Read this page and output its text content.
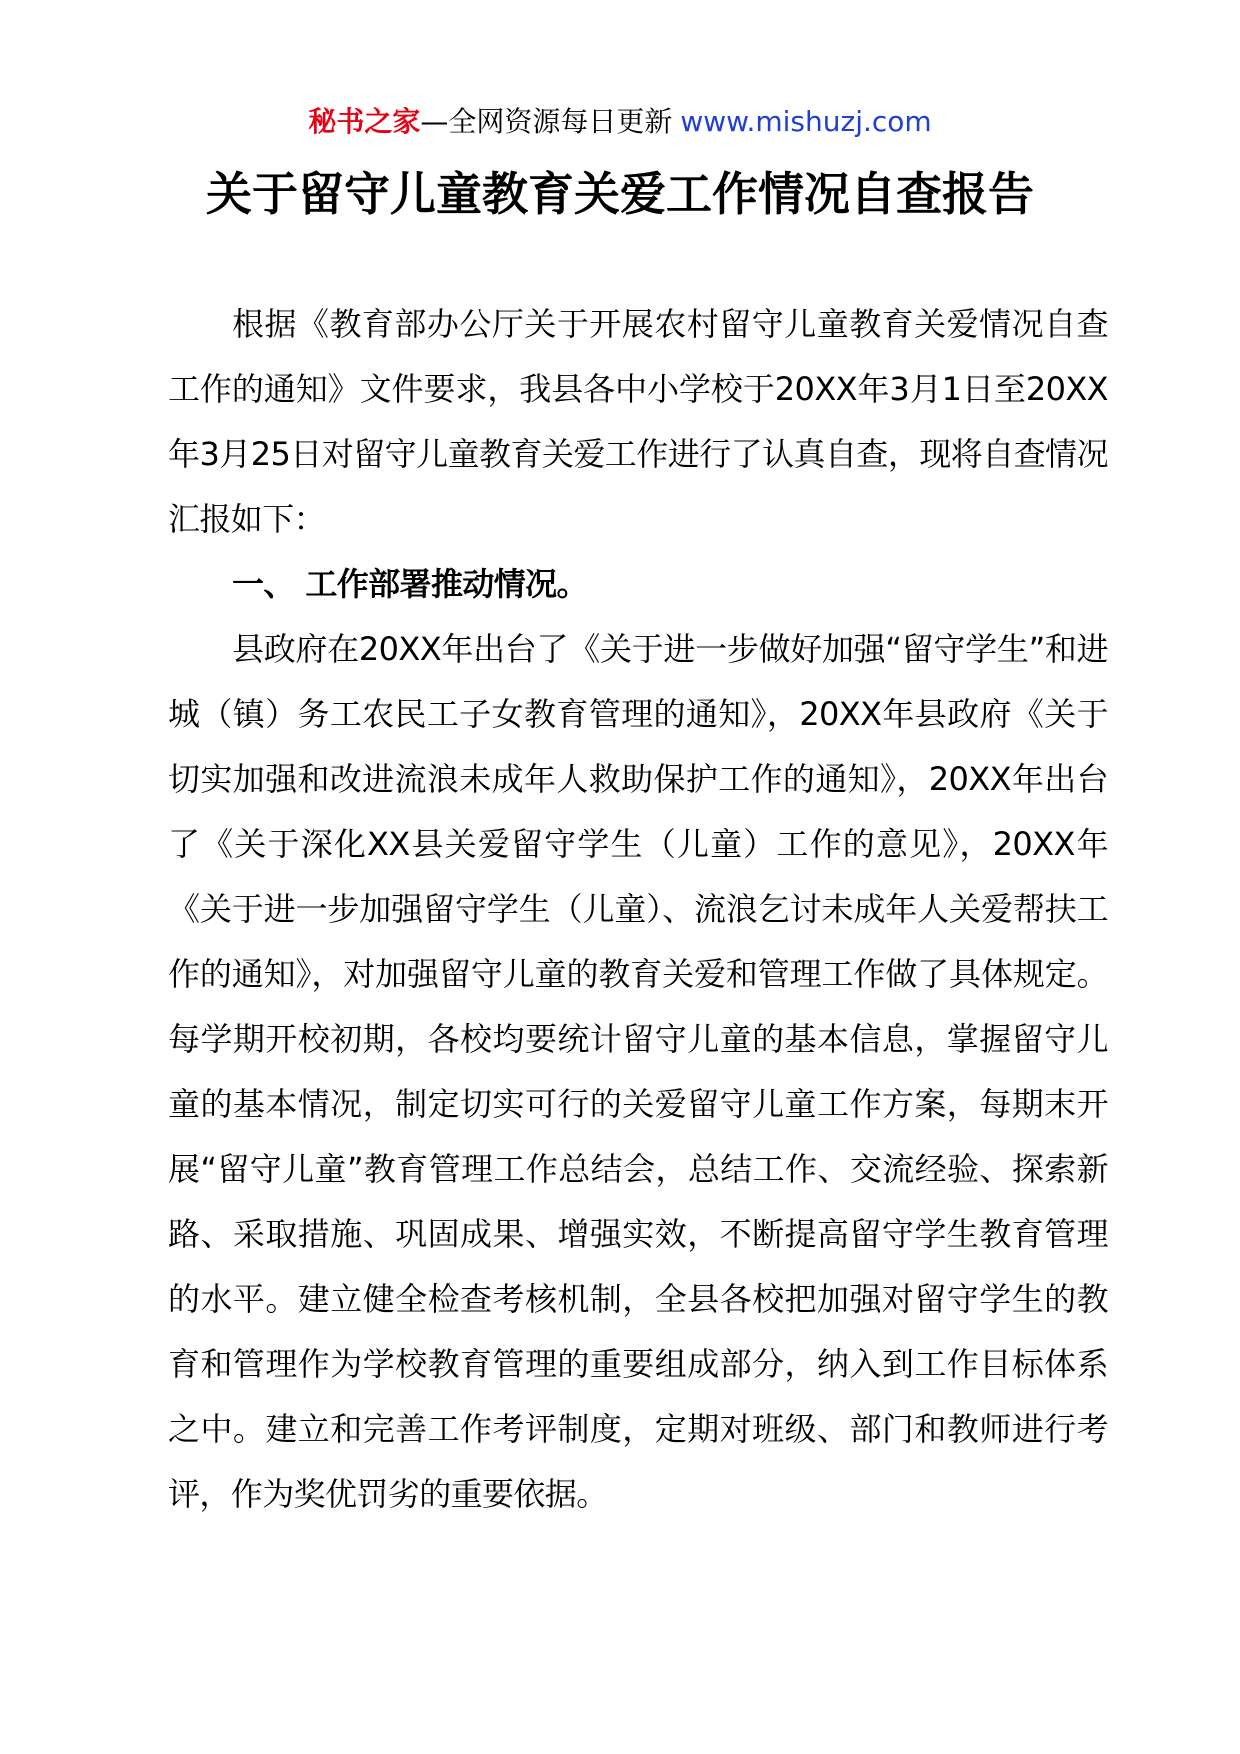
秘书之家—全网资源每日更新 www.mishuzj.com
关于留守儿童教育关爱工作情况自查报告

根据《教育部办公厅关于开展农村留守儿童教育关爱情况自查工作的通知》文件要求，我县各中小学校于20XX年3月1日至20XX年3月25日对留守儿童教育关爱工作进行了认真自查，现将自查情况汇报如下：

一、 工作部署推动情况。

县政府在20XX年出台了《关于进一步做好加强“留守学生”和进城（镇）务工农民工子女教育管理的通知》，20XX年县政府《关于切实加强和改进流浪未成年人救助保护工作的通知》，20XX年出台了《关于深化XX县关爱留守学生（儿童）工作的意见》，20XX年《关于进一步加强留守学生（儿童）、流浪乞讨未成年人关爱帮扶工作的通知》，对加强留守儿童的教育关爱和管理工作做了具体规定。每学期开校初期，各校均要统计留守儿童的基本信息，掌握留守儿童的基本情况，制定切实可行的关爱留守儿童工作方案，每期末开展“留守儿童”教育管理工作总结会，总结工作、交流经验、探索新路、采取措施、巩固成果、增强实效，不断提高留守学生教育管理的水平。建立健全检查考核机制，全县各校把加强对留守学生的教育和管理作为学校教育管理的重要组成部分，纳入到工作目标体系之中。建立和完善工作考评制度，定期对班级、部门和教师进行考评，作为奖优罚劣的重要依据。
